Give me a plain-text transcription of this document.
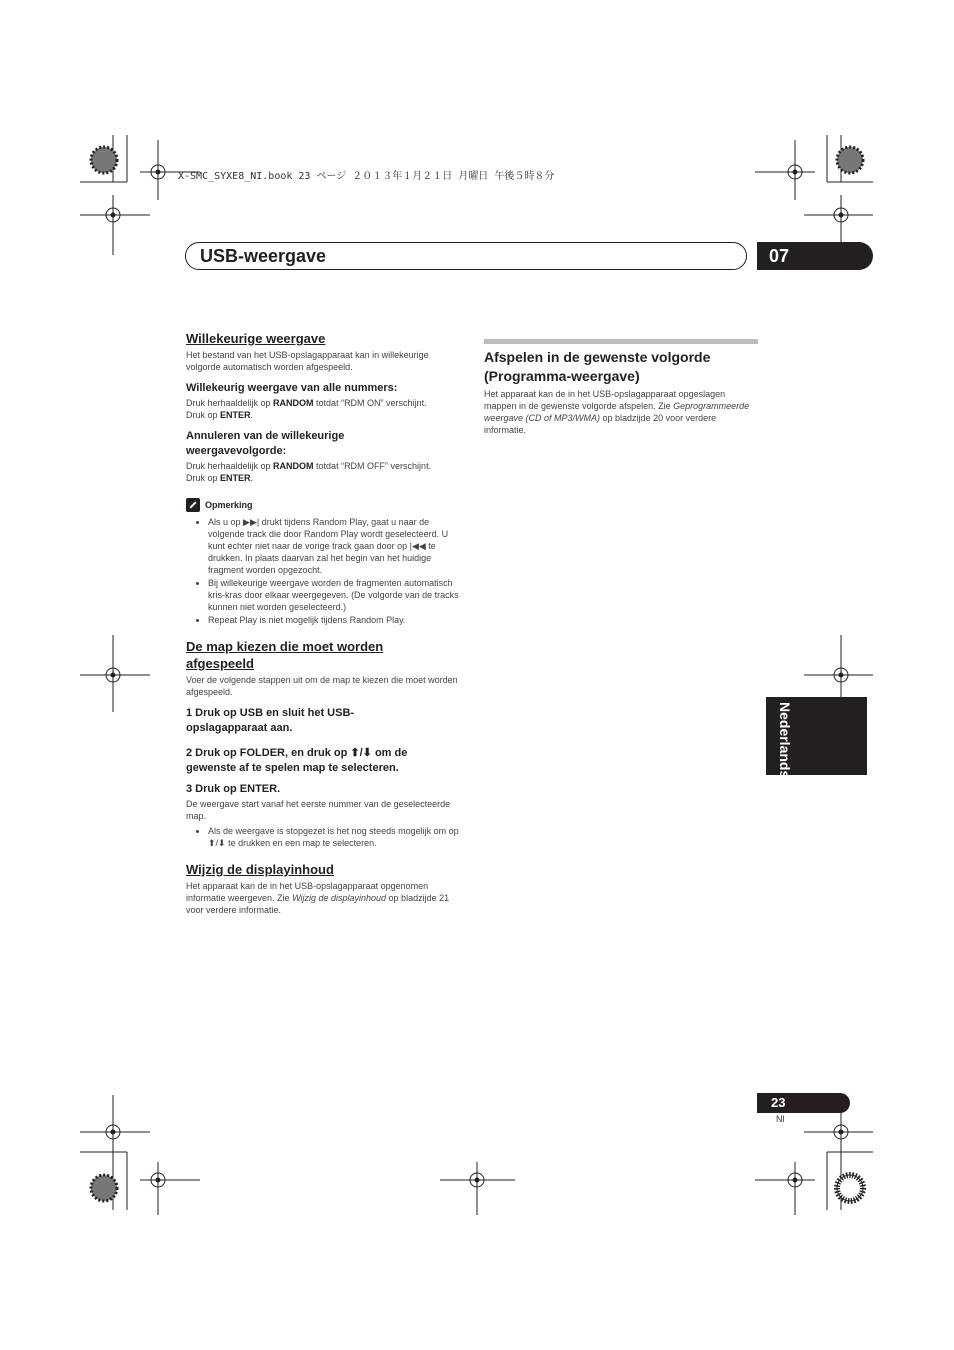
X-SMC_SYXE8_NI.book 23 ページ ２０１３年１月２１日 月曜日 午後５時８分
USB-weergave	07
Willekeurige weergave

Het bestand van het USB-opslagapparaat kan in willekeurige volgorde automatisch worden afgespeeld.

Willekeurig weergave van alle nummers:

Druk herhaaldelijk op RANDOM totdat “RDM ON” verschijnt.

Druk op ENTER.

Annuleren van de willekeurige weergavevolgorde:

Druk herhaaldelijk op RANDOM totdat “RDM OFF” verschijnt.

Druk op ENTER.

Opmerking
• Als u op ▶▶| drukt tijdens Random Play, gaat u naar de volgende track die door Random Play wordt geselecteerd. U kunt echter niet naar de vorige track gaan door op |◀◀ te drukken. In plaats daarvan zal het begin van het huidige fragment worden opgezocht.
• Bij willekeurige weergave worden de fragmenten automatisch kris-kras door elkaar weergegeven. (De volgorde van de tracks kunnen niet worden geselecteerd.)
• Repeat Play is niet mogelijk tijdens Random Play.
De map kiezen die moet worden afgespeeld

Voer de volgende stappen uit om de map te kiezen die moet worden afgespeeld.

1 Druk op USB en sluit het USB-opslagapparaat aan.

2 Druk op FOLDER, en druk op ⬆/⬇ om de gewenste af te spelen map te selecteren.

3 Druk op ENTER.

De weergave start vanaf het eerste nummer van de geselecteerde map.

• Als de weergave is stopgezet is het nog steeds mogelijk om op ⬆/⬇ te drukken en een map te selecteren.
Wijzig de displayinhoud

Het apparaat kan de in het USB-opslagapparaat opgenomen informatie weergeven. Zie Wijzig de displayinhoud op bladzijde 21 voor verdere informatie.

Afspelen in de gewenste volgorde (Programma-weergave)

Het apparaat kan de in het USB-opslagapparaat opgeslagen mappen in de gewenste volgorde afspelen. Zie Geprogrammeerde weergave (CD of MP3/WMA) op bladzijde 20 voor verdere informatie.

Nederlands
23
Nl
